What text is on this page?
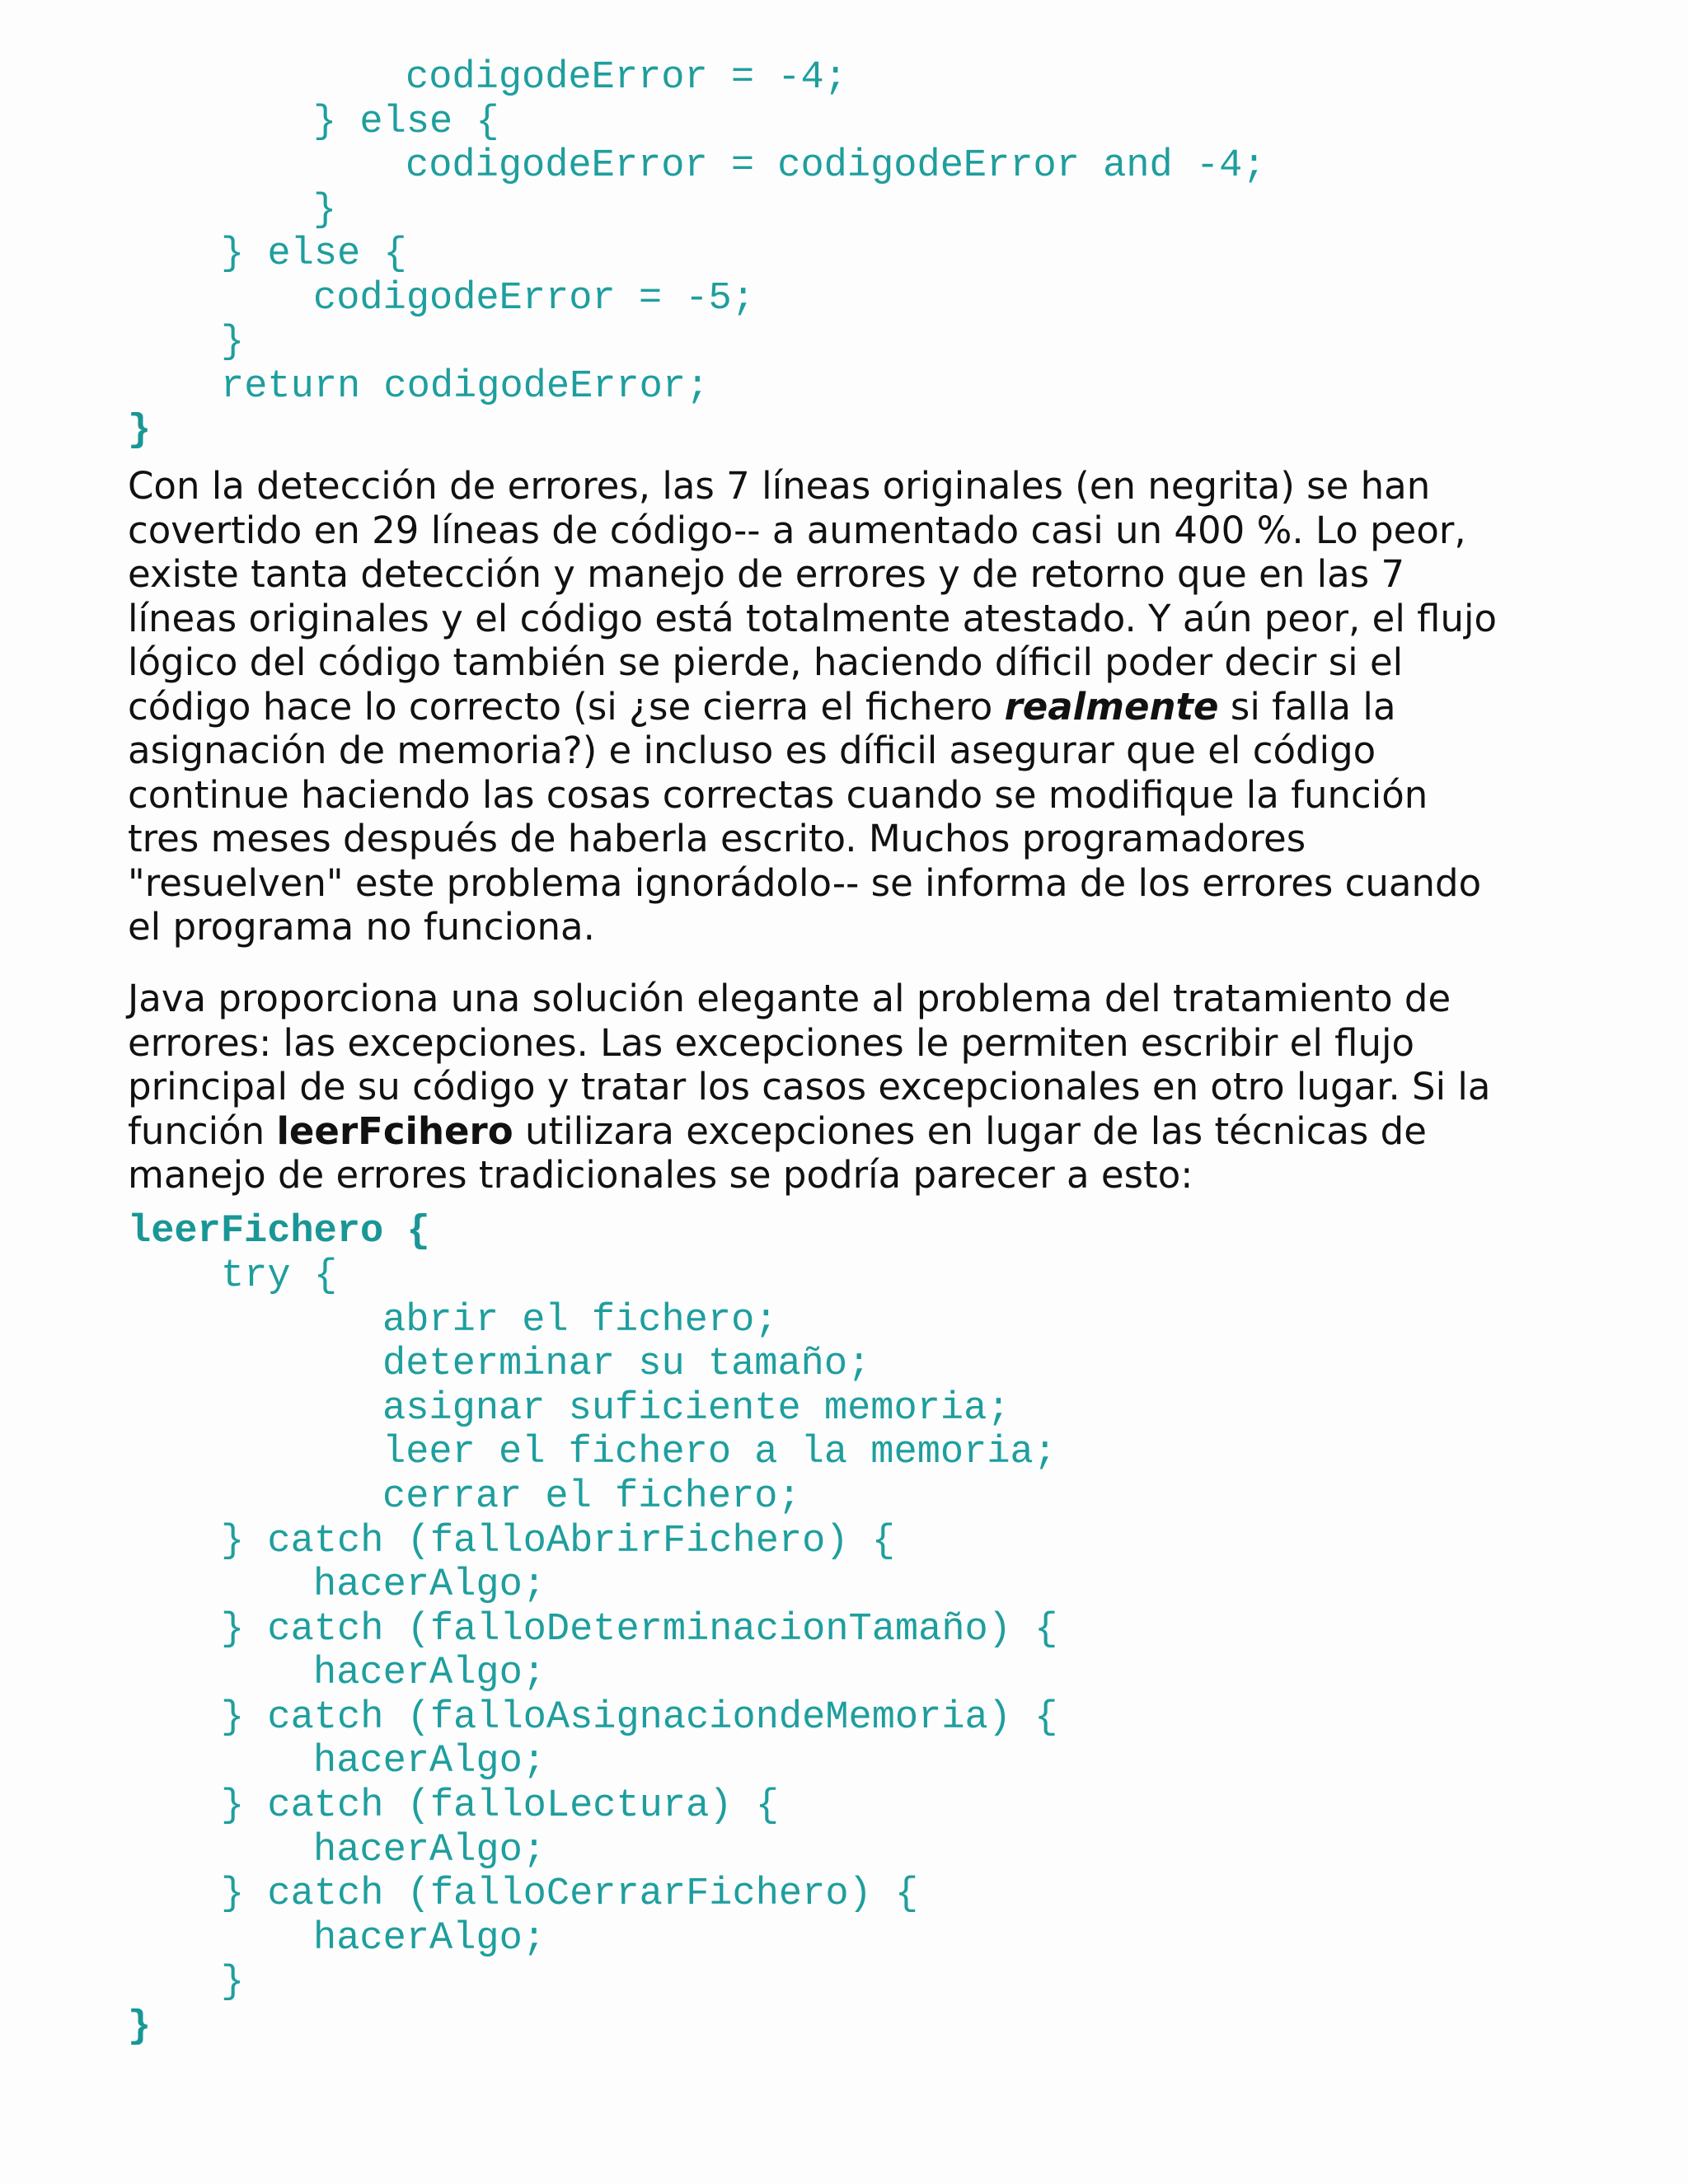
codigodeError = -4;
} else {
codigodeError = codigodeError and -4;
}
} else {
codigodeError = -5;
}
return codigodeError;
}
Con la detección de errores, las 7 líneas originales (en negrita) se han
covertido en 29 líneas de código-- a aumentado casi un 400 %. Lo peor,
existe tanta detección y manejo de errores y de retorno que en las 7
líneas originales y el código está totalmente atestado. Y aún peor, el flujo
lógico del código también se pierde, haciendo díficil poder decir si el
código hace lo correcto (si ¿se cierra el fichero realmente si falla la
asignación de memoria?) e incluso es díficil asegurar que el código
continue haciendo las cosas correctas cuando se modifique la función
tres meses después de haberla escrito. Muchos programadores
"resuelven" este problema ignorádolo-- se informa de los errores cuando
el programa no funciona.
Java proporciona una solución elegante al problema del tratamiento de
errores: las excepciones. Las excepciones le permiten escribir el flujo
principal de su código y tratar los casos excepcionales en otro lugar. Si la
función leerFcihero utilizara excepciones en lugar de las técnicas de
manejo de errores tradicionales se podría parecer a esto:
leerFichero {
try {
abrir el fichero;
determinar su tamaño;
asignar suficiente memoria;
leer el fichero a la memoria;
cerrar el fichero;
} catch (falloAbrirFichero) {
hacerAlgo;
} catch (falloDeterminacionTamaño) {
hacerAlgo;
} catch (falloAsignaciondeMemoria) {
hacerAlgo;
} catch (falloLectura) {
hacerAlgo;
} catch (falloCerrarFichero) {
hacerAlgo;
}
}
